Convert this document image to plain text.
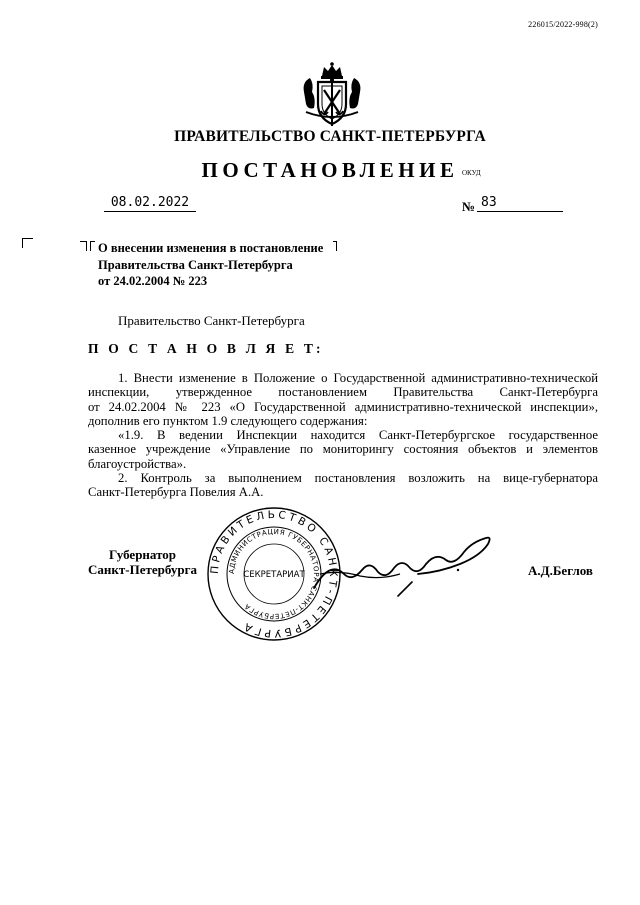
226015/2022-998(2)
ПРАВИТЕЛЬСТВО САНКТ-ПЕТЕРБУРГА
ПОСТАНОВЛЕНИЕ ОКУД
08.02.2022	№ 83
О внесении изменения в постановление
Правительства Санкт-Петербурга
от 24.02.2004 № 223
Правительство Санкт-Петербурга
П О С Т А Н О В Л Я Е Т:
1. Внести изменение в Положение о Государственной административно-технической
инспекции, утвержденное постановлением Правительства Санкт-Петербурга
от 24.02.2004 № 223 «О Государственной административно-технической инспекции»,
дополнив его пунктом 1.9 следующего содержания:
«1.9. В ведении Инспекции находится Санкт-Петербургское государственное
казенное учреждение «Управление по мониторингу состояния объектов и элементов
благоустройства».
2. Контроль за выполнением постановления возложить на вице-губернатора
Санкт-Петербурга Повелия А.А.
Губернатор
Санкт-Петербурга ПРАВИТЕЛЬСТВО САНКТ-ПЕТЕРБУРГА
АДМИНИСТРАЦИЯ ГУБЕРНАТОРА САНКТ-ПЕТЕРБУРГА
СЕКРЕТАРИАТ	А.Д.Беглов
